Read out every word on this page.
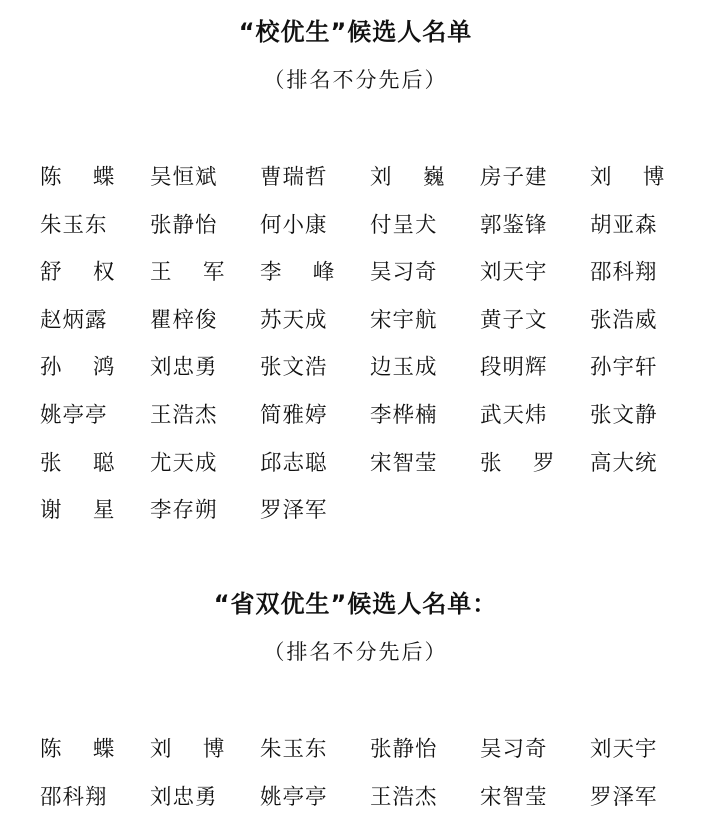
“校优生”候选人名单
（排名不分先后）
陈　 蝶	吴恒斌	曹瑞哲	刘　 巍	房子建	刘　 博
朱玉东	张静怡	何小康	付呈犬	郭鉴锋	胡亚森
舒　 权	王　 军	李　 峰	吴习奇	刘天宇	邵科翔
赵炳露	瞿梓俊	苏天成	宋宇航	黄子文	张浩威
孙　 鸿	刘忠勇	张文浩	边玉成	段明辉	孙宇轩
姚亭亭	王浩杰	简雅婷	李桦楠	武天炜	张文静
张　 聪	尤天成	邱志聪	宋智莹	张　 罗	高大统
谢　 星	李存朔	罗泽军
“省双优生”候选人名单：
（排名不分先后）
陈　 蝶	刘　 博	朱玉东	张静怡	吴习奇	刘天宇
邵科翔	刘忠勇	姚亭亭	王浩杰	宋智莹	罗泽军
